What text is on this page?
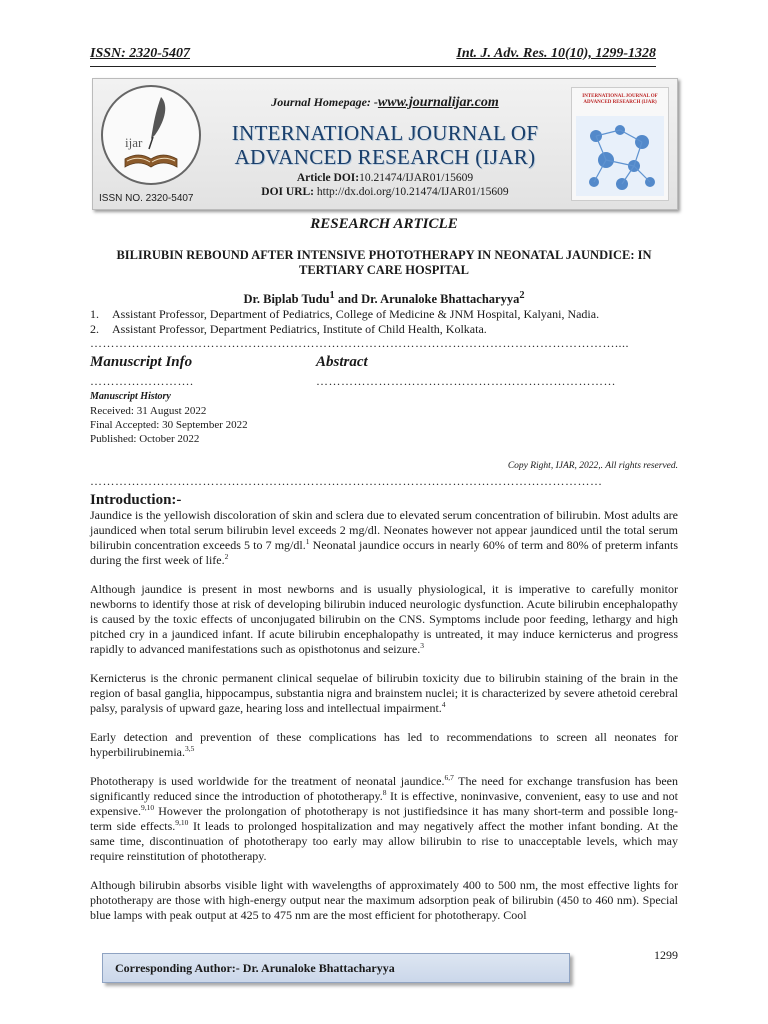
ISSN: 2320-5407	Int. J. Adv. Res. 10(10), 1299-1328
ijar
ISSN NO. 2320-5407
Journal Homepage: -www.journalijar.com
INTERNATIONAL JOURNAL OF
ADVANCED RESEARCH (IJAR)
Article DOI:10.21474/IJAR01/15609
DOI URL: http://dx.doi.org/10.21474/IJAR01/15609
INTERNATIONAL JOURNAL OF ADVANCED RESEARCH (IJAR)
RESEARCH ARTICLE
BILIRUBIN REBOUND AFTER INTENSIVE PHOTOTHERAPY IN NEONATAL JAUNDICE: IN
TERTIARY CARE HOSPITAL
Dr. Biplab Tudu$^1$ and Dr. Arunaloke Bhattacharyya$^2$
1. Assistant Professor, Department of Pediatrics, College of Medicine & JNM Hospital, Kalyani, Nadia.
2. Assistant Professor, Department Pediatrics, Institute of Child Health, Kolkata.
………………………………………………………………………………………………………………....
Manuscript Info	Abstract
…………………….	………………………………………………………………
Manuscript History
Received: 31 August 2022
Final Accepted: 30 September 2022
Published: October 2022
Copy Right, IJAR, 2022,. All rights reserved.
……………………………………………………………………………………………………………
Introduction:-

Jaundice is the yellowish discoloration of skin and sclera due to elevated serum concentration of bilirubin. Most adults are jaundiced when total serum bilirubin level exceeds 2 mg/dl. Neonates however not appear jaundiced until the total serum bilirubin concentration exceeds 5 to 7 mg/dl.$^1$ Neonatal jaundice occurs in nearly 60% of term and 80% of preterm infants during the first week of life.$^2$

Although jaundice is present in most newborns and is usually physiological, it is imperative to carefully monitor newborns to identify those at risk of developing bilirubin induced neurologic dysfunction. Acute bilirubin encephalopathy is caused by the toxic effects of unconjugated bilirubin on the CNS. Symptoms include poor feeding, lethargy and high pitched cry in a jaundiced infant. If acute bilirubin encephalopathy is untreated, it may induce kernicterus and progress rapidly to advanced manifestations such as opisthotonus and seizure.$^3$

Kernicterus is the chronic permanent clinical sequelae of bilirubin toxicity due to bilirubin staining of the brain in the region of basal ganglia, hippocampus, substantia nigra and brainstem nuclei; it is characterized by severe athetoid cerebral palsy, paralysis of upward gaze, hearing loss and intellectual impairment.$^4$

Early detection and prevention of these complications has led to recommendations to screen all neonates for hyperbilirubinemia.$^{3,5}$

Phototherapy is used worldwide for the treatment of neonatal jaundice.$^{6,7}$ The need for exchange transfusion has been significantly reduced since the introduction of phototherapy.$^8$ It is effective, noninvasive, convenient, easy to use and not expensive.$^{9,10}$ However the prolongation of phototherapy is not justifiedsince it has many short-term and possible long-term side effects.$^{9,10}$ It leads to prolonged hospitalization and may negatively affect the mother infant bonding. At the same time, discontinuation of phototherapy too early may allow bilirubin to rise to unacceptable levels, which may require reinstitution of phototherapy.

Although bilirubin absorbs visible light with wavelengths of approximately 400 to 500 nm, the most effective lights for phototherapy are those with high-energy output near the maximum adsorption peak of bilirubin (450 to 460 nm). Special blue lamps with peak output at 425 to 475 nm are the most efficient for phototherapy. Cool

1299
Corresponding Author:- Dr. Arunaloke Bhattacharyya
